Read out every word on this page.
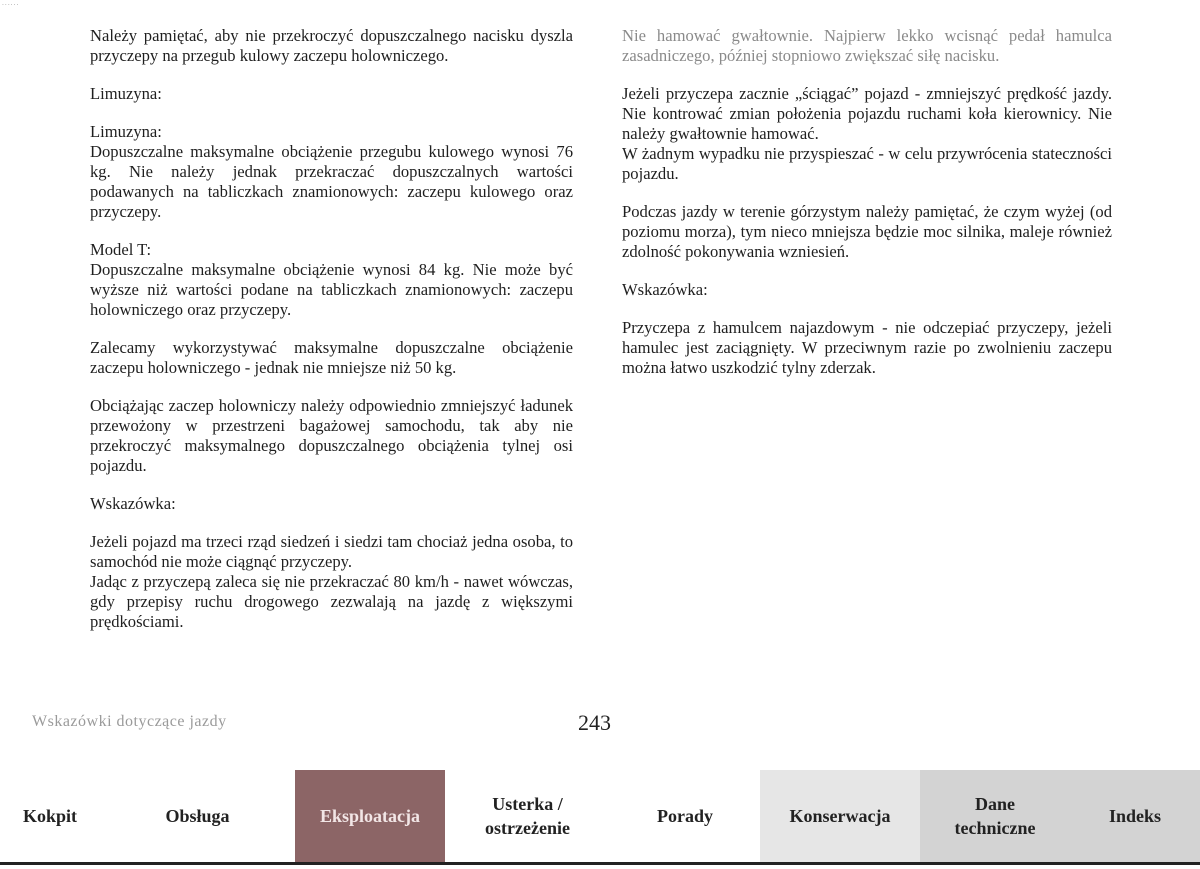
······

Należy pamiętać, aby nie przekroczyć dopuszczalnego nacisku dyszla przyczepy na przegub kulowy zaczepu holowniczego.

Limuzyna:

Limuzyna:
Dopuszczalne maksymalne obciążenie przegubu kulowego wynosi 76 kg. Nie należy jednak przekraczać dopuszczalnych wartości podawanych na tabliczkach znamionowych: zaczepu kulowego oraz przyczepy.

Model T:
Dopuszczalne maksymalne obciążenie wynosi 84 kg. Nie może być wyższe niż wartości podane na tabliczkach znamionowych: zaczepu holowniczego oraz przyczepy.

Zalecamy wykorzystywać maksymalne dopuszczalne obciążenie zaczepu holowniczego - jednak nie mniejsze niż 50 kg.

Obciążając zaczep holowniczy należy odpowiednio zmniejszyć ładunek przewożony w przestrzeni bagażowej samochodu, tak aby nie przekroczyć maksymalnego dopuszczalnego obciążenia tylnej osi pojazdu.

Wskazówka:

Jeżeli pojazd ma trzeci rząd siedzeń i siedzi tam chociaż jedna osoba, to samochód nie może ciągnąć przyczepy.
Jadąc z przyczepą zaleca się nie przekraczać 80 km/h - nawet wówczas, gdy przepisy ruchu drogowego zezwalają na jazdę z większymi prędkościami.

Nie hamować gwałtownie. Najpierw lekko wcisnąć pedał hamulca zasadniczego, później stopniowo zwiększać siłę nacisku.

Jeżeli przyczepa zacznie „ściągać” pojazd - zmniejszyć prędkość jazdy. Nie kontrować zmian położenia pojazdu ruchami koła kierownicy. Nie należy gwałtownie hamować.
W żadnym wypadku nie przyspieszać - w celu przywrócenia stateczności pojazdu.

Podczas jazdy w terenie górzystym należy pamiętać, że czym wyżej (od poziomu morza), tym nieco mniejsza będzie moc silnika, maleje również zdolność pokonywania wzniesień.

Wskazówka:

Przyczepa z hamulcem najazdowym - nie odczepiać przyczepy, jeżeli hamulec jest zaciągnięty. W przeciwnym razie po zwolnieniu zaczepu można łatwo uszkodzić tylny zderzak.

Wskazówki dotyczące jazdy	243
Kokpit	Obsługa	Eksploatacja
Usterka /
ostrzeżenie
Porady	Konserwacja
Dane
techniczne
Indeks
